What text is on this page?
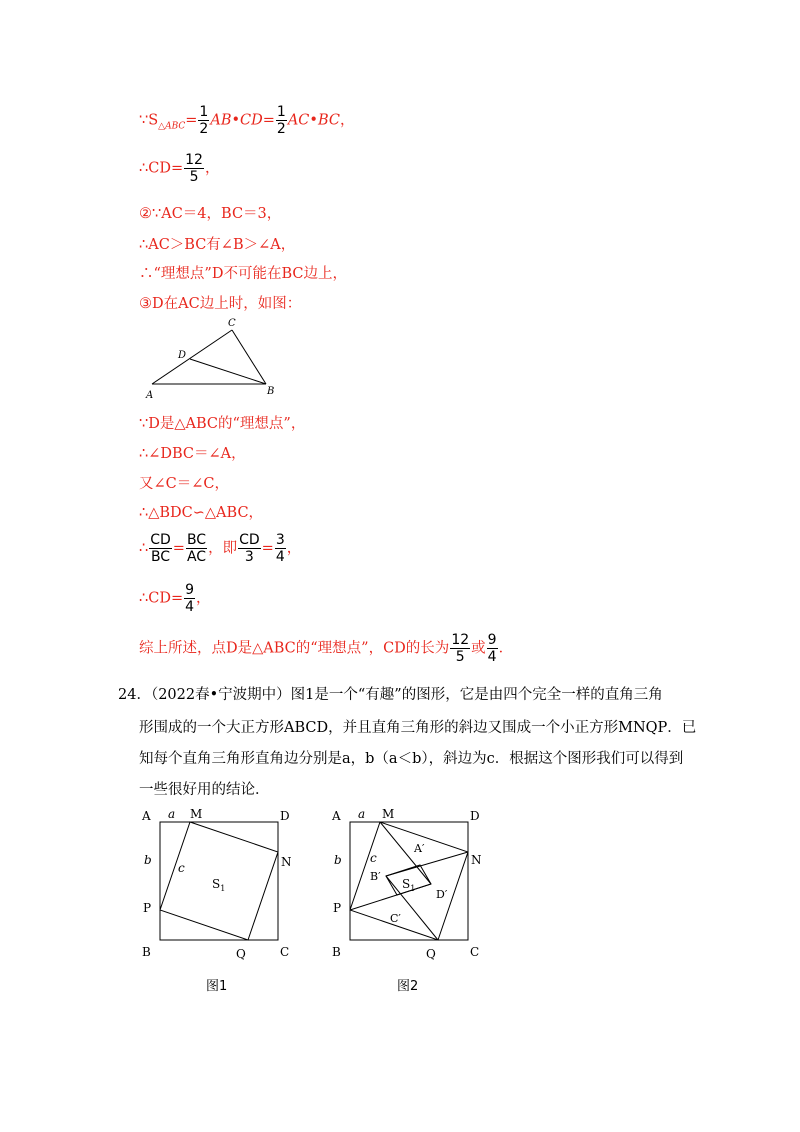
$\because S_{\triangle ABC}= \frac{1}{2}$ AB•CD= $\frac{1}{2}$ AC•BC，
∴CD= $\frac{12}{5}$ ，
②∵AC＝4，BC＝3，
∴AC＞BC有∠B＞∠A，
∴“理想点”D不可能在BC边上，
③D在AC边上时，如图：
C
D
A	B
∵D是△ABC的“理想点”，
∴∠DBC＝∠A，
又∠C＝∠C，
∴△BDC∽△ABC，
∴ $\frac{CD}{BC} = \frac{BC}{AC}$ ，即 $\frac{CD}{3} = \frac{3}{4}$ ，
∴CD= $\frac{9}{4}$ ，
综上所述，点D是△ABC的“理想点”，CD的长为 $\frac{12}{5}$ 或 $\frac{9}{4}$ ．
24．（2022春•宁波期中）图1是一个“有趣”的图形，它是由四个完全一样的直角三角
形围成的一个大正方形ABCD，并且直角三角形的斜边又围成一个小正方形MNQP．已
知每个直角三角形直角边分别是a，b（a＜b），斜边为c．根据这个图形我们可以得到
一些很好用的结论．
A a M	D
b
c	N
$S_1$
P
B	Q	C
图1
A a M	D
b c
A′
N
B′
$S_1$ D′
C′
P
B	Q	C
图2
